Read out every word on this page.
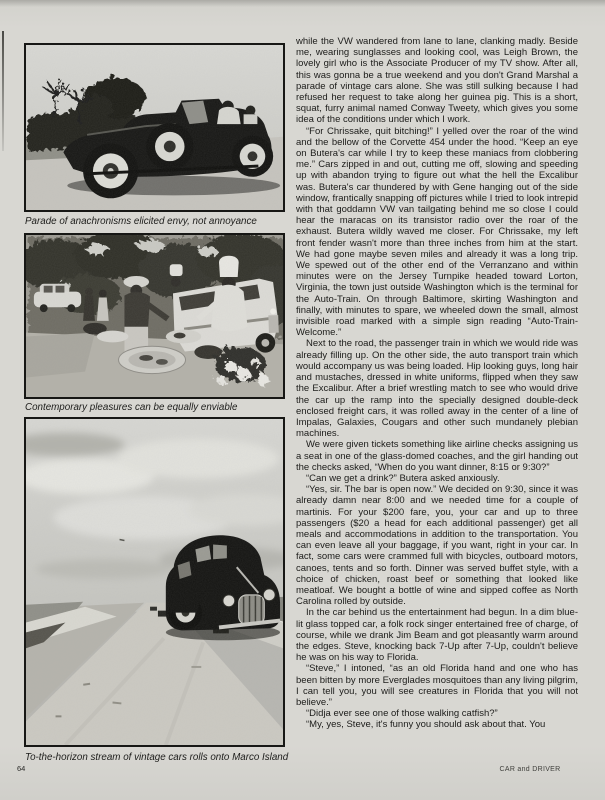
Parade of anachronisms elicited envy, not annoyance
Contemporary pleasures can be equally enviable
To-the-horizon stream of vintage cars rolls onto Marco Island
64

while the VW wandered from lane to lane, clanking madly. Beside me, wearing sunglasses and looking cool, was Leigh Brown, the lovely girl who is the Associate Producer of my TV show. After all, this was gonna be a true weekend and you don't Grand Marshal a parade of vintage cars alone. She was still sulking because I had refused her request to take along her guinea pig. This is a short, squat, furry animal named Conway Tweety, which gives you some idea of the conditions under which I work.

“For Chrissake, quit bitching!” I yelled over the roar of the wind and the bellow of the Corvette 454 under the hood. “Keep an eye on Butera's car while I try to keep these maniacs from clobbering me.” Cars zipped in and out, cutting me off, slowing and speeding up with abandon trying to figure out what the hell the Excalibur was. Butera's car thundered by with Gene hanging out of the side window, frantically snapping off pictures while I tried to look intrepid with that goddamn VW van tailgating behind me so close I could hear the maracas on its transistor radio over the roar of the exhaust. Butera wildly waved me closer. For Chrissake, my left front fender wasn't more than three inches from him at the start. We had gone maybe seven miles and already it was a long trip. We spewed out of the other end of the Verranzano and within minutes were on the Jersey Turnpike headed toward Lorton, Virginia, the town just outside Washington which is the terminal for the Auto-Train. On through Baltimore, skirting Washington and finally, with minutes to spare, we wheeled down the small, almost invisible road marked with a simple sign reading “Auto-Train-Welcome.”

Next to the road, the passenger train in which we would ride was already filling up. On the other side, the auto transport train which would accompany us was being loaded. Hip looking guys, long hair and mustaches, dressed in white uniforms, flipped when they saw the Excalibur. After a brief wrestling match to see who would drive the car up the ramp into the specially designed double-deck enclosed freight cars, it was rolled away in the center of a line of Impalas, Galaxies, Cougars and other such mundanely plebian machines.

We were given tickets something like airline checks assigning us a seat in one of the glass-domed coaches, and the girl handing out the checks asked, “When do you want dinner, 8:15 or 9:30?”

“Can we get a drink?” Butera asked anxiously.

“Yes, sir. The bar is open now.” We decided on 9:30, since it was already damn near 8:00 and we needed time for a couple of martinis. For your $200 fare, you, your car and up to three passengers ($20 a head for each additional passenger) get all meals and accommodations in addition to the transportation. You can even leave all your baggage, if you want, right in your car. In fact, some cars were crammed full with bicycles, outboard motors, canoes, tents and so forth. Dinner was served buffet style, with a choice of chicken, roast beef or something that looked like meatloaf. We bought a bottle of wine and sipped coffee as North Carolina rolled by outside.

In the car behind us the entertainment had begun. In a dim blue-lit glass topped car, a folk rock singer entertained free of charge, of course, while we drank Jim Beam and got pleasantly warm around the edges. Steve, knocking back 7-Up after 7-Up, couldn't believe he was on his way to Florida.

“Steve,” I intoned, “as an old Florida hand and one who has been bitten by more Everglades mosquitoes than any living pilgrim, I can tell you, you will see creatures in Florida that you will not believe.”

“Didja ever see one of those walking catfish?”

“My, yes, Steve, it's funny you should ask about that. You

CAR and DRIVER
